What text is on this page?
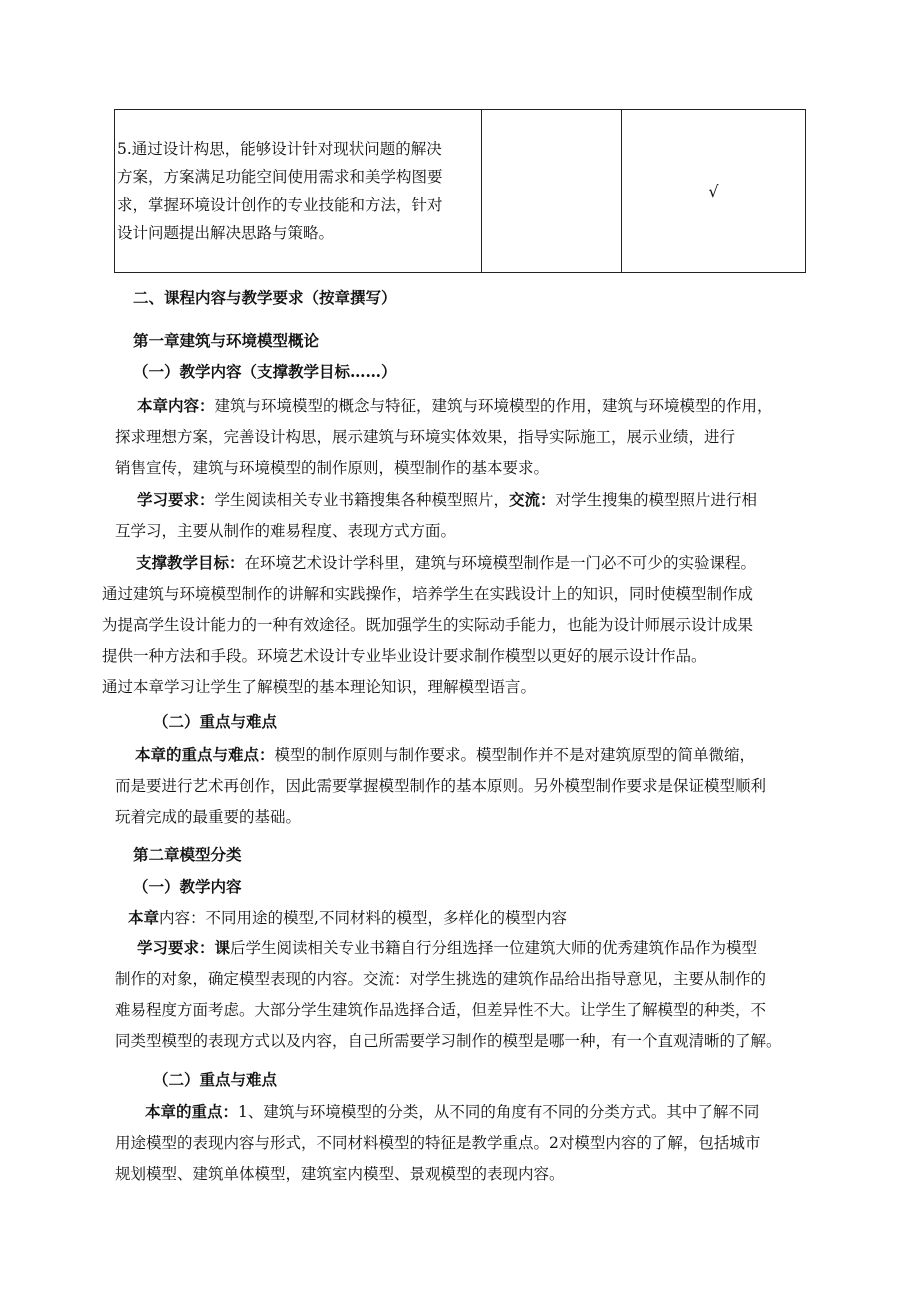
5.通过设计构思，能够设计针对现状问题的解决
方案，方案满足功能空间使用需求和美学构图要
求，掌握环境设计创作的专业技能和方法，针对
设计问题提出解决思路与策略。
		√
二、课程内容与教学要求（按章撰写）
第一章建筑与环境模型概论
（一）教学内容（支撑教学目标……）
本章内容：建筑与环境模型的概念与特征，建筑与环境模型的作用，建筑与环境模型的作用，
探求理想方案，完善设计构思，展示建筑与环境实体效果，指导实际施工，展示业绩，进行
销售宣传，建筑与环境模型的制作原则，模型制作的基本要求。
学习要求：学生阅读相关专业书籍搜集各种模型照片，交流：对学生搜集的模型照片进行相
互学习，主要从制作的难易程度、表现方式方面。
支撑教学目标：在环境艺术设计学科里，建筑与环境模型制作是一门必不可少的实验课程。
通过建筑与环境模型制作的讲解和实践操作，培养学生在实践设计上的知识，同时使模型制作成
为提高学生设计能力的一种有效途径。既加强学生的实际动手能力，也能为设计师展示设计成果
提供一种方法和手段。环境艺术设计专业毕业设计要求制作模型以更好的展示设计作品。
通过本章学习让学生了解模型的基本理论知识，理解模型语言。
（二）重点与难点
本章的重点与难点：模型的制作原则与制作要求。模型制作并不是对建筑原型的简单微缩，
而是要进行艺术再创作，因此需要掌握模型制作的基本原则。另外模型制作要求是保证模型顺利
玩着完成的最重要的基础。
第二章模型分类
（一）教学内容
本章内容：不同用途的模型,不同材料的模型，多样化的模型内容
学习要求：课后学生阅读相关专业书籍自行分组选择一位建筑大师的优秀建筑作品作为模型
制作的对象，确定模型表现的内容。交流：对学生挑选的建筑作品给出指导意见，主要从制作的
难易程度方面考虑。大部分学生建筑作品选择合适，但差异性不大。让学生了解模型的种类，不
同类型模型的表现方式以及内容，自己所需要学习制作的模型是哪一种，有一个直观清晰的了解。
（二）重点与难点
本章的重点：1、建筑与环境模型的分类，从不同的角度有不同的分类方式。其中了解不同
用途模型的表现内容与形式，不同材料模型的特征是教学重点。2对模型内容的了解，包括城市
规划模型、建筑单体模型，建筑室内模型、景观模型的表现内容。
